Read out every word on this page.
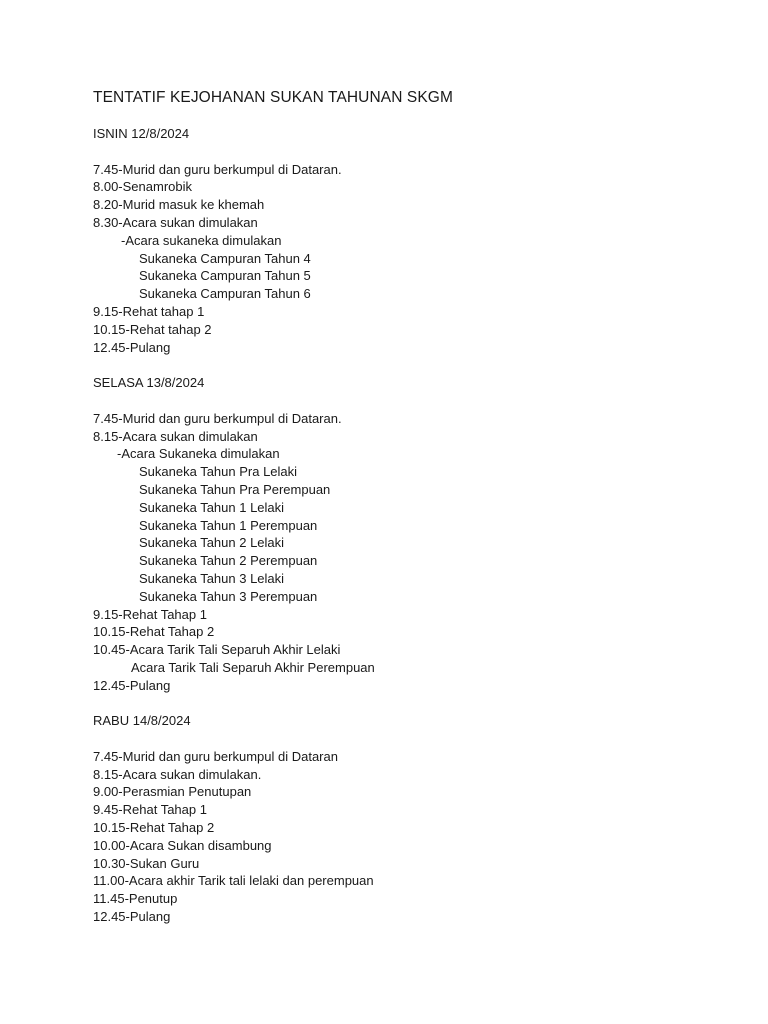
TENTATIF KEJOHANAN SUKAN TAHUNAN SKGM
ISNIN 12/8/2024
7.45-Murid dan guru berkumpul di Dataran.
8.00-Senamrobik
8.20-Murid masuk ke khemah
8.30-Acara sukan dimulakan
-Acara sukaneka dimulakan
Sukaneka Campuran Tahun 4
Sukaneka Campuran Tahun 5
Sukaneka Campuran Tahun 6
9.15-Rehat tahap 1
10.15-Rehat tahap 2
12.45-Pulang
SELASA 13/8/2024
7.45-Murid dan guru berkumpul di Dataran.
8.15-Acara sukan dimulakan
-Acara Sukaneka dimulakan
Sukaneka Tahun Pra Lelaki
Sukaneka Tahun Pra Perempuan
Sukaneka Tahun 1 Lelaki
Sukaneka Tahun 1 Perempuan
Sukaneka Tahun 2 Lelaki
Sukaneka Tahun 2 Perempuan
Sukaneka Tahun 3 Lelaki
Sukaneka Tahun 3 Perempuan
9.15-Rehat Tahap 1
10.15-Rehat Tahap 2
10.45-Acara Tarik Tali Separuh Akhir Lelaki
Acara Tarik Tali Separuh Akhir Perempuan
12.45-Pulang
RABU 14/8/2024
7.45-Murid dan guru berkumpul di Dataran
8.15-Acara sukan dimulakan.
9.00-Perasmian Penutupan
9.45-Rehat Tahap 1
10.15-Rehat Tahap 2
10.00-Acara Sukan disambung
10.30-Sukan Guru
11.00-Acara akhir Tarik tali lelaki dan perempuan
11.45-Penutup
12.45-Pulang
